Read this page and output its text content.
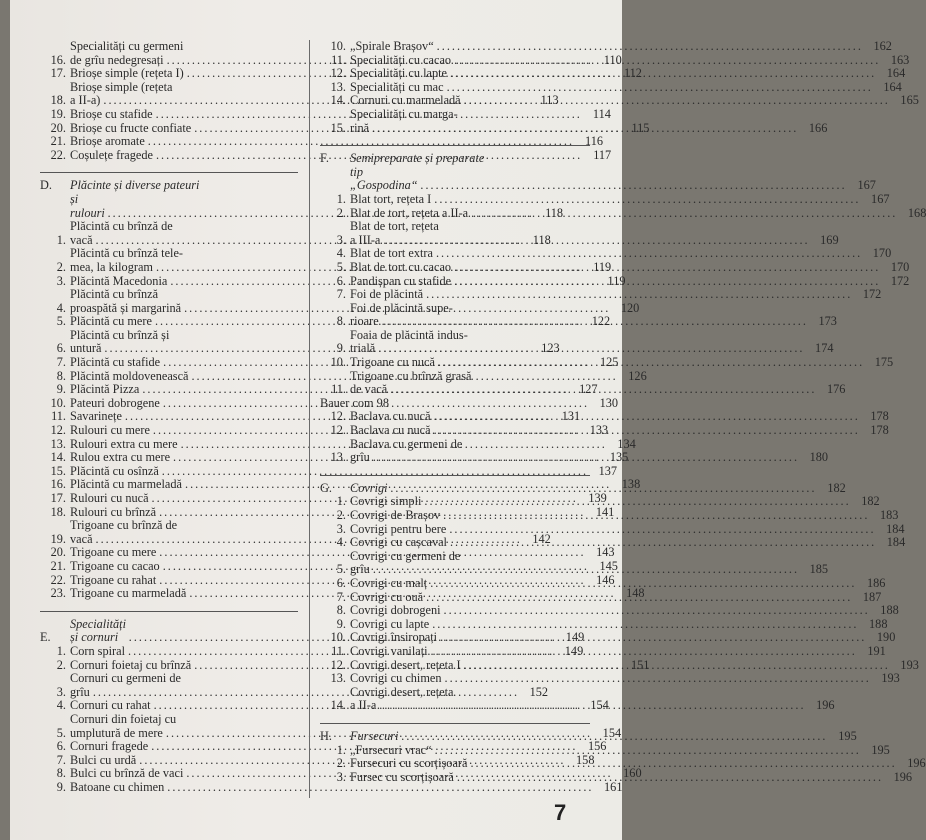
16.
Specialități cu germeni
de grîu nedegresați .....	110
17. Brioșe simple (rețeta I) .....	112
18.
Brioșe simple (rețeta
a II-a) .....	113
19. Brioșe cu stafide .....	114
20. Brioșe cu fructe confiate .....	115
21. Brioșe aromate .....	116
22. Coșulețe fragede .....	117
D.	Plăcinte și diverse pateuri
și rulouri .....	118
1.
Plăcintă cu brînză de
vacă .....	118
2.
Plăcintă cu brînză tele-
mea, la kilogram .....	119
3. Plăcintă Macedonia .....	119
4.
Plăcintă cu brînză
proaspătă și margarină .....	120
5. Plăcintă cu mere .....	122
6.
Plăcintă cu brînză și
untură .....	123
7. Plăcintă cu stafide .....	125
8. Plăcintă moldovenească .....	126
9. Plăcintă Pizza .....	127
10. Pateuri dobrogene .....	130
11. Savarinețe .....	131
12. Rulouri cu mere .....	133
13. Rulouri extra cu mere .....	134
14. Rulou extra cu mere .....	135
15. Plăcintă cu osînză .....	137
16. Plăcintă cu marmeladă .....	138
17. Rulouri cu nucă .....	139
18. Rulouri cu brînză .....	141
19.
Trigoane cu brînză de
vacă .....	142
20. Trigoane cu mere .....	143
21. Trigoane cu cacao .....	145
22. Trigoane cu rahat .....	146
23. Trigoane cu marmeladă .....	148
E.
Specialități și cornuri .....	149
1. Corn spiral .....	149
2. Cornuri foietaj cu brînză .....	151
3.
Cornuri cu germeni de
grîu .....	152
4. Cornuri cu rahat .....	154
5.
Cornuri din foietaj cu
umplutură de mere .....	154
6. Cornuri fragede .....	156
7. Bulci cu urdă .....	158
8. Bulci cu brînză de vaci .....	160
9. Batoane cu chimen .....	161
10. „Spirale Brașov“ .....	162
11. Specialități cu cacao .....	163
12. Specialități cu lapte .....	164
13. Specialități cu mac .....	164
14. Cornuri cu marmeladă .....	165
15.
Specialități cu marga-
rină .....	166
F.	Semipreparate și preparate
tip „Gospodina“ .....	167
1. Blat tort, rețeta I .....	167
2. Blat de tort, rețeta a II-a .....	168
3.
Blat de tort, rețeta
a III-a .....	169
4. Blat de tort extra .....	170
5. Blat de tort cu cacao .....	170
6. Pandișpan cu stafide .....	172
7. Foi de plăcintă .....	172
8.
Foi de plăcintă supe-
rioare .....	173
9.
Foaia de plăcintă indus-
trială .....	174
10. Trigoane cu nucă .....	175
11.
Trigoane cu brînză grasă
de vacă .....	176
Bauer com 98
12. Baclava cu nucă .....	178
12. Baclava cu nucă .....	178
13.
Baclava cu germeni de
grîu .....	180
G.	Covrigi .....	182
1. Covrigi simpli .....	182
2. Covrigi de Brașov .....	183
3. Covrigi pentru bere .....	184
4. Covrigi cu cașcaval .....	184
5.
Covrigi cu germeni de
grîu .....	185
6. Covrigi cu malț .....	186
7. Covrigi cu ouă .....	187
8. Covrigi dobrogeni .....	188
9. Covrigi cu lapte .....	188
10. Covrigi însiropați .....	190
11. Covrigi vanilați .....	191
12. Covrigi desert, rețeta I .....	193
13. Covrigi cu chimen .....	193
14.
Covrigi desert, rețeta
a II-a .....	196
H.	Fursecuri .....	195
1. „Fursecuri vrac“ .....	195
2. Fursecuri cu scorțișoară .....	196
3. Fursec cu scorțișoară .....	196
7
